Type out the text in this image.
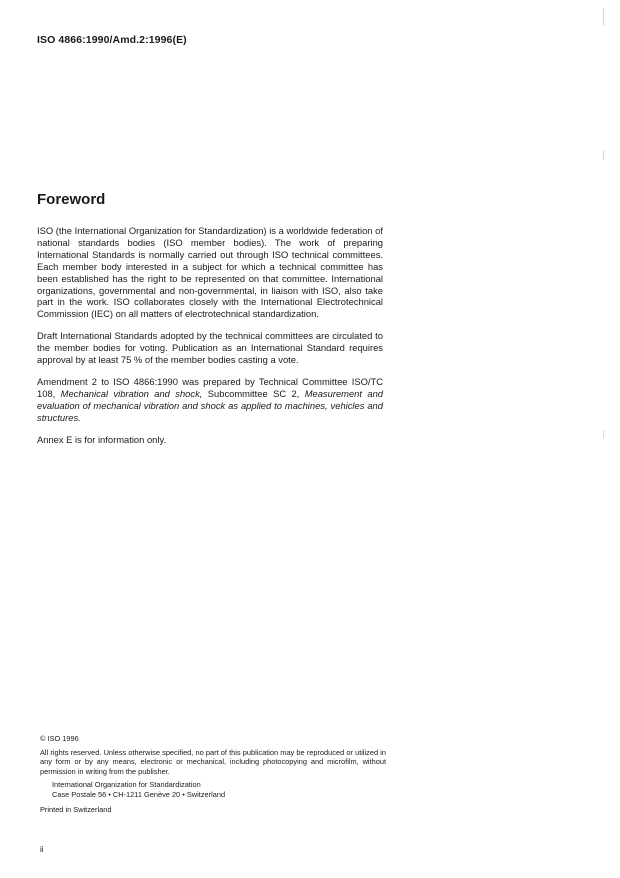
ISO 4866:1990/Amd.2:1996(E)
Foreword

ISO (the International Organization for Standardization) is a worldwide federation of national standards bodies (ISO member bodies). The work of preparing International Standards is normally carried out through ISO technical committees. Each member body interested in a subject for which a technical committee has been established has the right to be represented on that committee. International organizations, governmental and non-governmental, in liaison with ISO, also take part in the work. ISO collaborates closely with the International Electrotechnical Commission (IEC) on all matters of electrotechnical standardization.

Draft International Standards adopted by the technical committees are circulated to the member bodies for voting. Publication as an International Standard requires approval by at least 75 % of the member bodies casting a vote.

Amendment 2 to ISO 4866:1990 was prepared by Technical Committee ISO/TC 108, Mechanical vibration and shock, Subcommittee SC 2, Measurement and evaluation of mechanical vibration and shock as applied to machines, vehicles and structures.

Annex E is for information only.

© ISO 1996

All rights reserved. Unless otherwise specified, no part of this publication may be reproduced or utilized in any form or by any means, electronic or mechanical, including photocopying and microfilm, without permission in writing from the publisher.

International Organization for Standardization

Case Postale 56 • CH-1211 Genève 20 • Switzerland

Printed in Switzerland

ii
